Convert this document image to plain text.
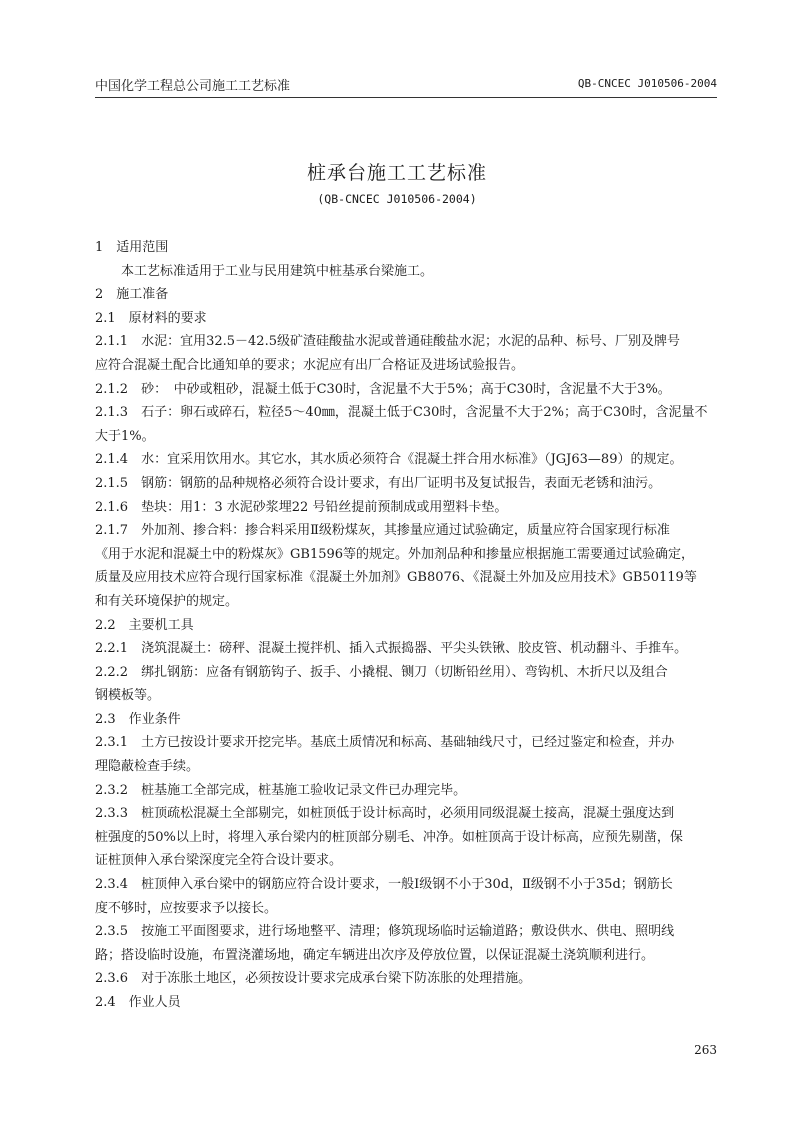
中国化学工程总公司施工工艺标准	QB-CNCEC J010506-2004
桩承台施工工艺标准
(QB-CNCEC J010506-2004)

1　适用范围

本工艺标准适用于工业与民用建筑中桩基承台梁施工。

2　施工准备

2.1　原材料的要求

2.1.1　水泥：宜用32.5－42.5级矿渣硅酸盐水泥或普通硅酸盐水泥；水泥的品种、标号、厂别及牌号

应符合混凝土配合比通知单的要求；水泥应有出厂合格证及进场试验报告。

2.1.2　砂：　中砂或粗砂，混凝土低于C30时，含泥量不大于5%；高于C30时，含泥量不大于3%。

2.1.3　石子：卵石或碎石，粒径5～40㎜，混凝土低于C30时，含泥量不大于2%；高于C30时，含泥量不

大于1%。

2.1.4　水：宜采用饮用水。其它水，其水质必须符合《混凝土拌合用水标准》（JGJ63—89）的规定。

2.1.5　钢筋：钢筋的品种规格必须符合设计要求，有出厂证明书及复试报告，表面无老锈和油污。

2.1.6　垫块：用1：3 水泥砂浆埋22 号铅丝提前预制成或用塑料卡垫。

2.1.7　外加剂、掺合料：掺合料采用Ⅱ级粉煤灰，其掺量应通过试验确定，质量应符合国家现行标准

《用于水泥和混凝土中的粉煤灰》GB1596等的规定。外加剂品种和掺量应根据施工需要通过试验确定，

质量及应用技术应符合现行国家标准《混凝土外加剂》GB8076、《混凝土外加及应用技术》GB50119等

和有关环境保护的规定。

2.2　主要机工具

2.2.1　浇筑混凝土：磅秤、混凝土搅拌机、插入式振捣器、平尖头铁锹、胶皮管、机动翻斗、手推车。

2.2.2　绑扎钢筋：应备有钢筋钩子、扳手、小撬棍、铡刀（切断铅丝用）、弯钩机、木折尺以及组合

钢模板等。

2.3　作业条件

2.3.1　土方已按设计要求开挖完毕。基底土质情况和标高、基础轴线尺寸，已经过鉴定和检查，并办

理隐蔽检查手续。

2.3.2　桩基施工全部完成，桩基施工验收记录文件已办理完毕。

2.3.3　桩顶疏松混凝土全部剔完，如桩顶低于设计标高时，必须用同级混凝土接高，混凝土强度达到

桩强度的50%以上时，将埋入承台梁内的桩顶部分剔毛、冲净。如桩顶高于设计标高，应预先剔凿，保

证桩顶伸入承台梁深度完全符合设计要求。

2.3.4　桩顶伸入承台梁中的钢筋应符合设计要求，一般Ⅰ级钢不小于30d，Ⅱ级钢不小于35d；钢筋长

度不够时，应按要求予以接长。

2.3.5　按施工平面图要求，进行场地整平、清理；修筑现场临时运输道路；敷设供水、供电、照明线

路；搭设临时设施，布置浇灌场地，确定车辆进出次序及停放位置，以保证混凝土浇筑顺利进行。

2.3.6　对于冻胀土地区，必须按设计要求完成承台梁下防冻胀的处理措施。

2.4　作业人员

263
